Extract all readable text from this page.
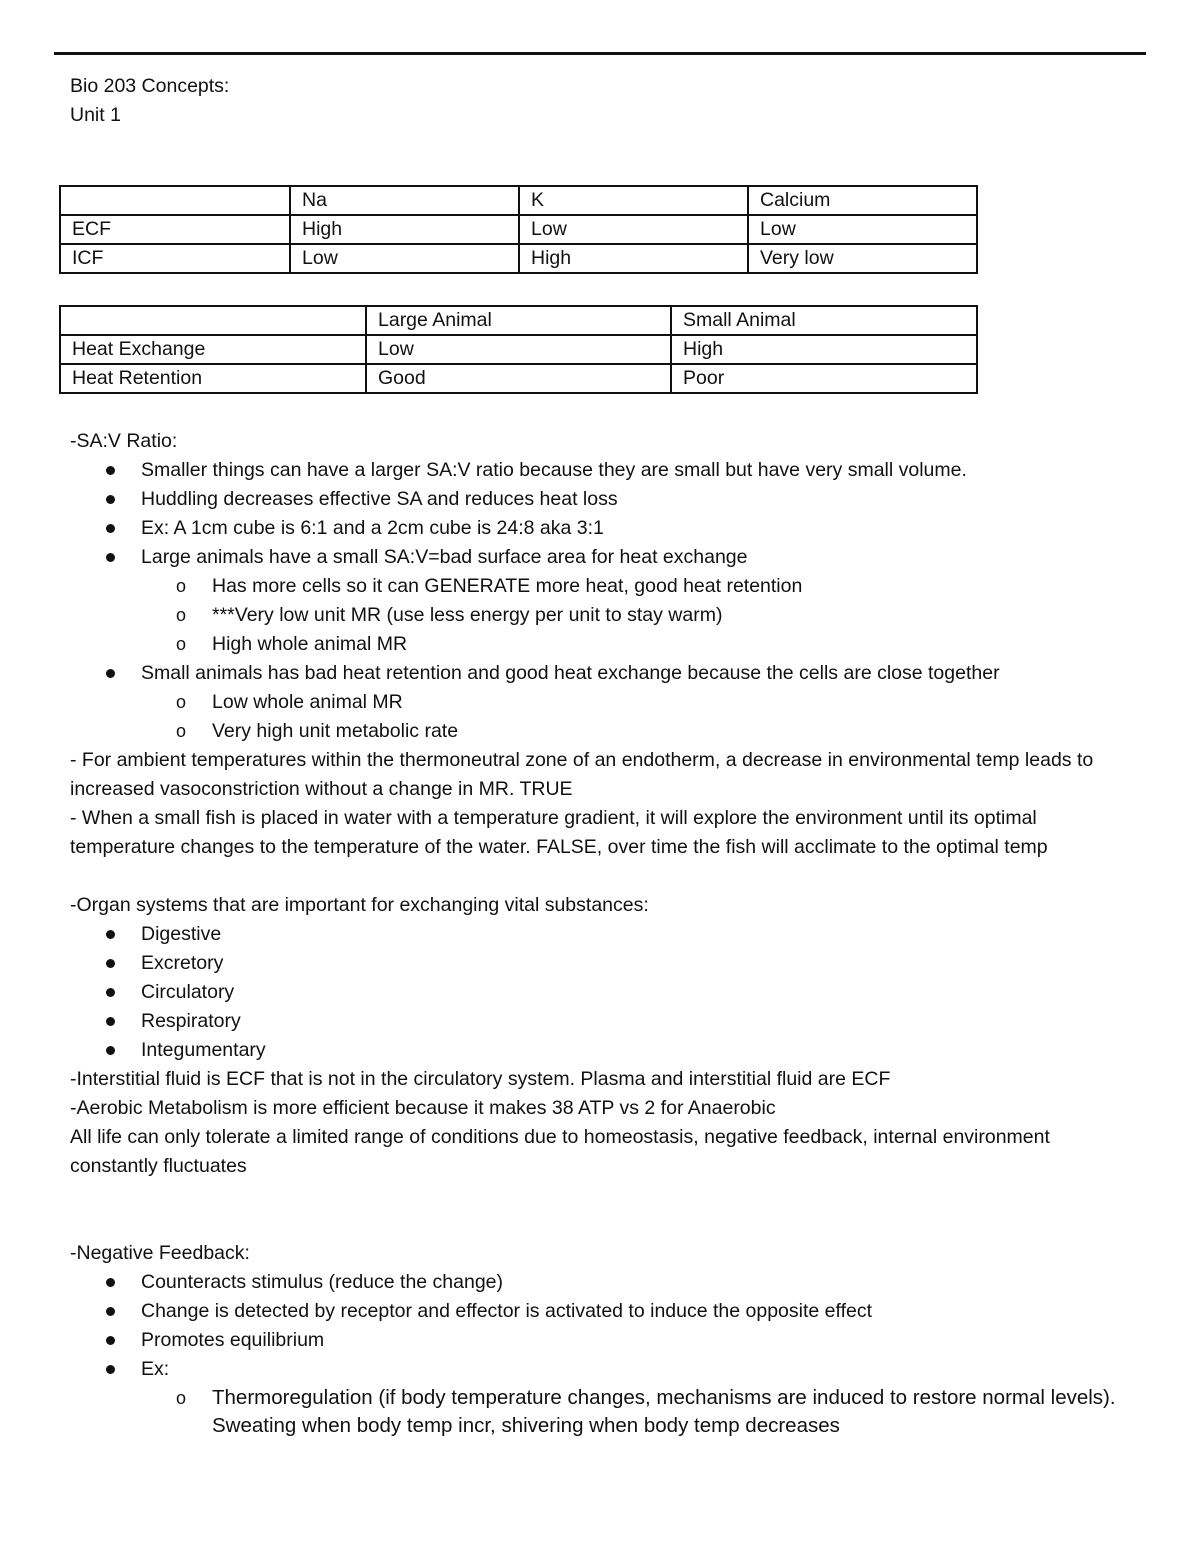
Bio 203 Concepts:

Unit 1

	Na	K	Calcium
ECF	High	Low	Low
ICF	Low	High	Very low
	Large Animal	Small Animal
Heat Exchange	Low	High
Heat Retention	Good	Poor

-SA:V Ratio:

Smaller things can have a larger SA:V ratio because they are small but have very small volume.
Huddling decreases effective SA and reduces heat loss
Ex: A 1cm cube is 6:1 and a 2cm cube is 24:8 aka 3:1
Large animals have a small SA:V=bad surface area for heat exchange
o Has more cells so it can GENERATE more heat, good heat retention
o ***Very low unit MR (use less energy per unit to stay warm)
o High whole animal MR
Small animals has bad heat retention and good heat exchange because the cells are close together
o Low whole animal MR
o Very high unit metabolic rate

- For ambient temperatures within the thermoneutral zone of an endotherm, a decrease in environmental temp leads to increased vasoconstriction without a change in MR. TRUE

- When a small fish is placed in water with a temperature gradient, it will explore the environment until its optimal temperature changes to the temperature of the water. FALSE, over time the fish will acclimate to the optimal temp

-Organ systems that are important for exchanging vital substances:

Digestive
Excretory
Circulatory
Respiratory
Integumentary

-Interstitial fluid is ECF that is not in the circulatory system. Plasma and interstitial fluid are ECF

-Aerobic Metabolism is more efficient because it makes 38 ATP vs 2 for Anaerobic

All life can only tolerate a limited range of conditions due to homeostasis, negative feedback, internal environment constantly fluctuates

-Negative Feedback:

Counteracts stimulus (reduce the change)
Change is detected by receptor and effector is activated to induce the opposite effect
Promotes equilibrium
Ex:
o Thermoregulation (if body temperature changes, mechanisms are induced to restore normal levels). Sweating when body temp incr, shivering when body temp decreases
